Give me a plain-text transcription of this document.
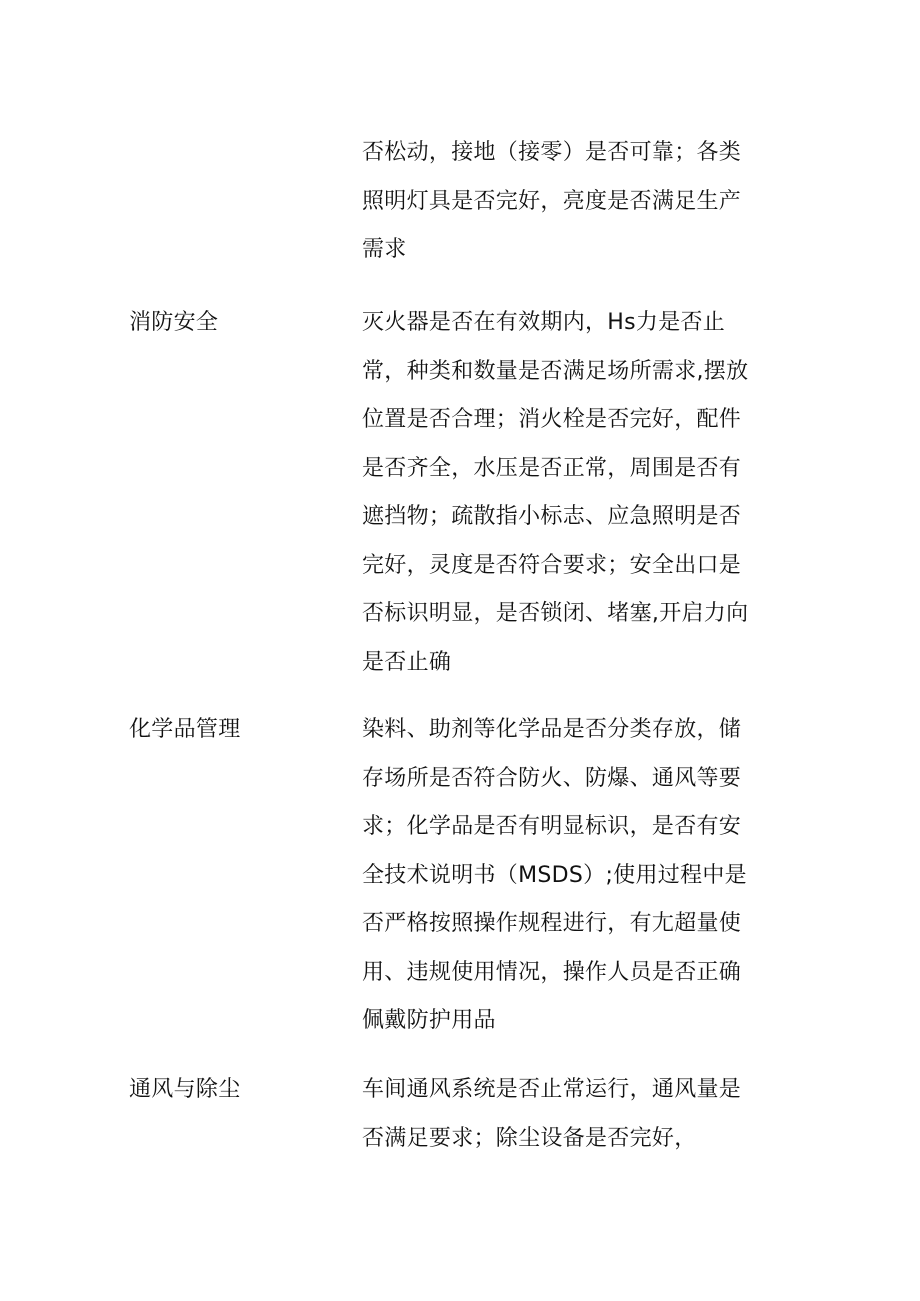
否松动，接地（接零）是否可靠；各类
照明灯具是否完好，亮度是否满足生产
需求
消防安全	灭火器是否在有效期内，Hs力是否止
常，种类和数量是否满足场所需求,摆放
位置是否合理；消火栓是否完好，配件
是否齐全，水压是否正常，周围是否有
遮挡物；疏散指小标志、应急照明是否
完好，灵度是否符合要求；安全出口是
否标识明显，是否锁闭、堵塞,开启力向
是否止确
化学品管理	染料、助剂等化学品是否分类存放，储
存场所是否符合防火、防爆、通风等要
求；化学品是否有明显标识，是否有安
全技术说明书（MSDS）;使用过程中是
否严格按照操作规程进行，有尢超量使
用、违规使用情况，操作人员是否正确
佩戴防护用品
通风与除尘	车间通风系统是否止常运行，通风量是
否满足要求；除尘设备是否完好，
